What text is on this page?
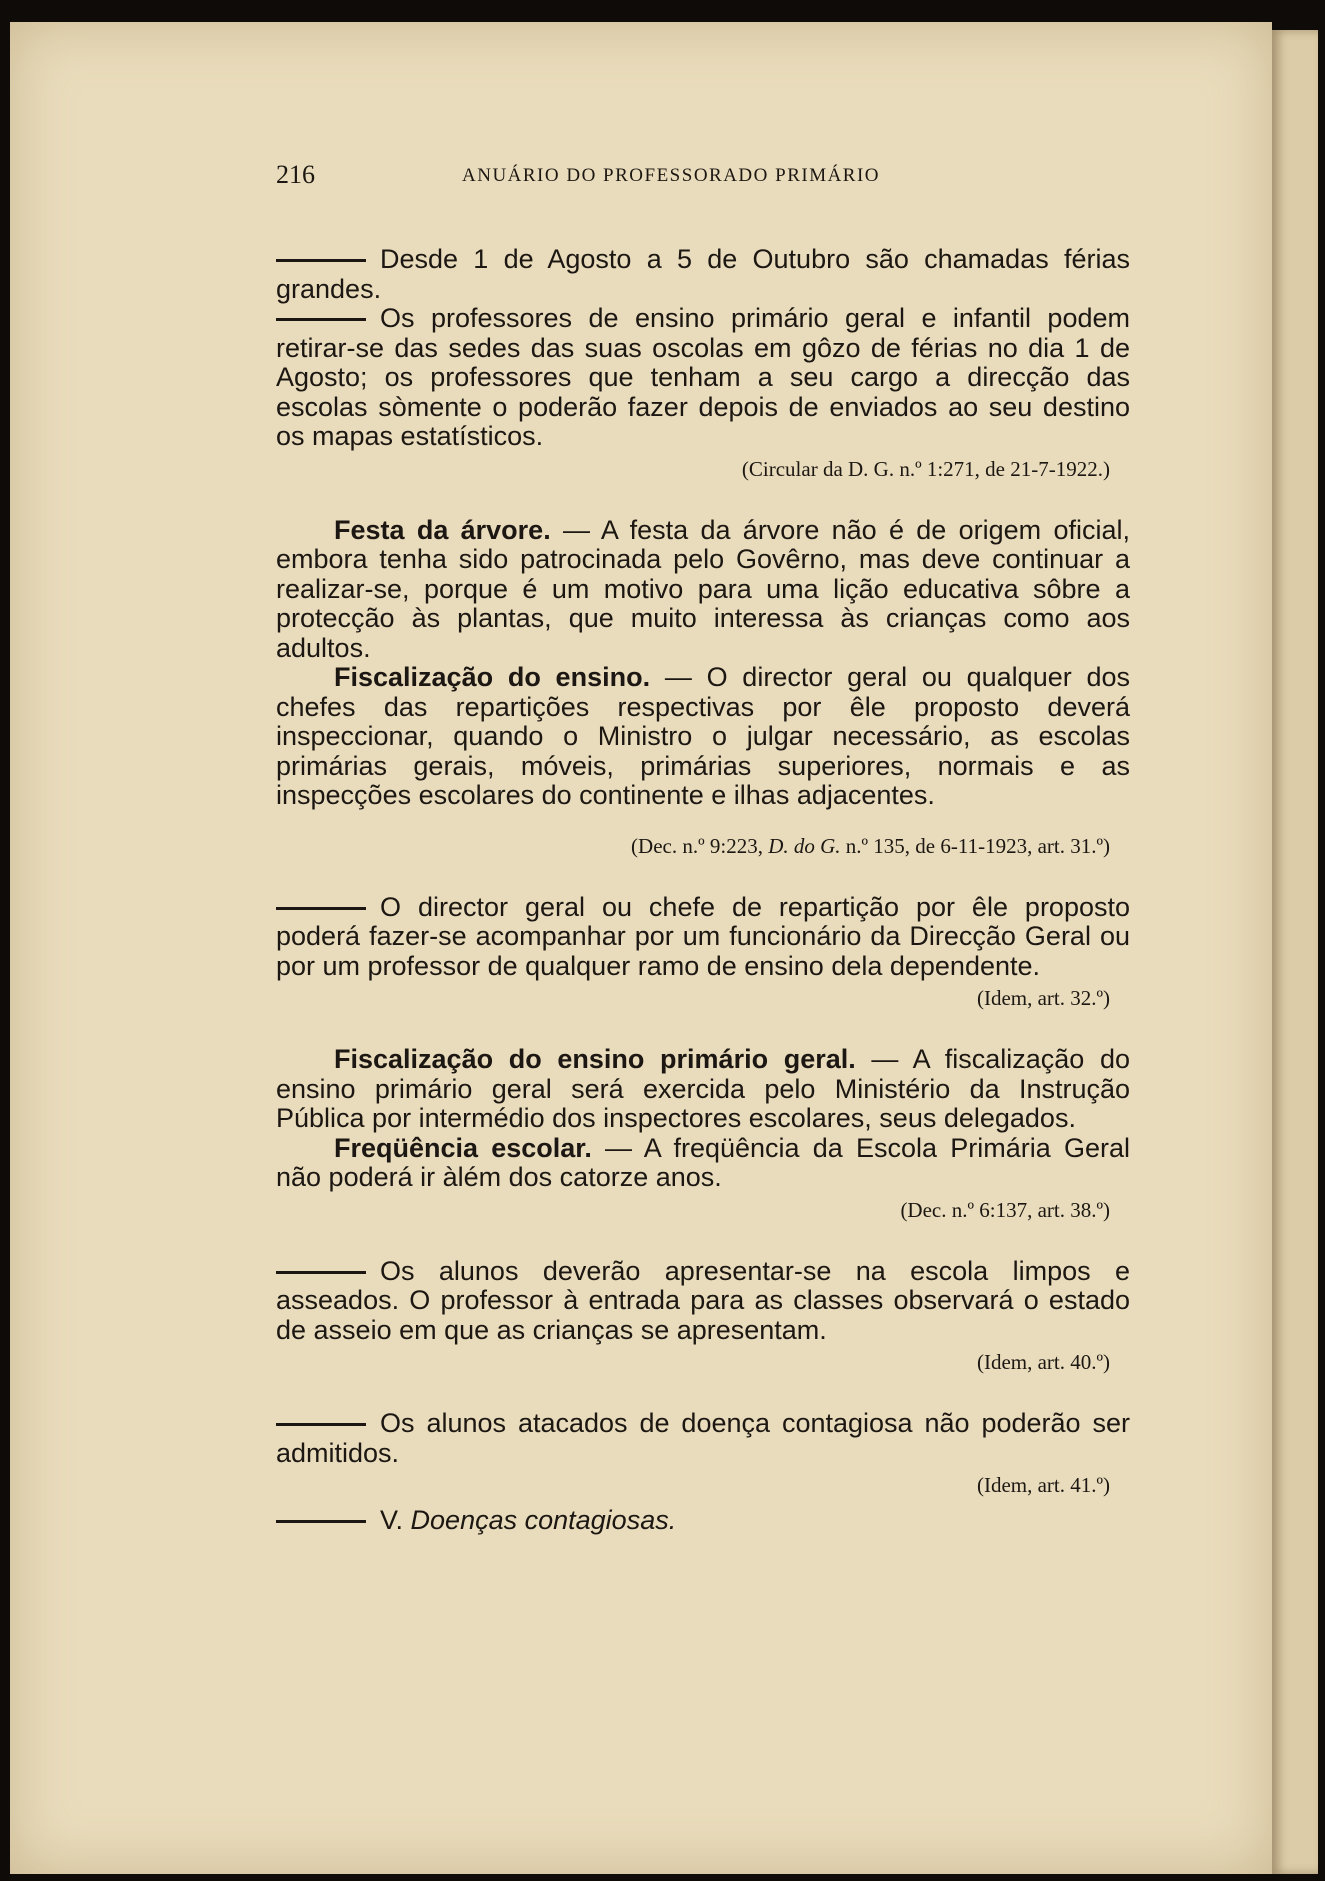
216	ANUÁRIO DO PROFESSORADO PRIMÁRIO

Desde 1 de Agosto a 5 de Outubro são chamadas férias grandes.

Os professores de ensino primário geral e infantil podem retirar-se das sedes das suas oscolas em gôzo de férias no dia 1 de Agosto; os professores que tenham a seu cargo a direcção das escolas sòmente o poderão fazer depois de enviados ao seu destino os mapas estatísticos.

(Circular da D. G. n.º 1:271, de 21-7-1922.)

Festa da árvore. — A festa da árvore não é de origem oficial, embora tenha sido patrocinada pelo Govêrno, mas deve continuar a realizar-se, porque é um motivo para uma lição educativa sôbre a protecção às plantas, que muito interessa às crianças como aos adultos.

Fiscalização do ensino. — O director geral ou qualquer dos chefes das repartições respectivas por êle proposto deverá inspeccionar, quando o Ministro o julgar necessário, as escolas primárias gerais, móveis, primárias superiores, normais e as inspecções escolares do continente e ilhas adjacentes.

(Dec. n.º 9:223, D. do G. n.º 135, de 6-11-1923, art. 31.º)

O director geral ou chefe de repartição por êle proposto poderá fazer-se acompanhar por um funcionário da Direcção Geral ou por um professor de qualquer ramo de ensino dela dependente.

(Idem, art. 32.º)

Fiscalização do ensino primário geral. — A fiscalização do ensino primário geral será exercida pelo Ministério da Instrução Pública por intermédio dos inspectores escolares, seus delegados.

Freqüência escolar. — A freqüência da Escola Primária Geral não poderá ir àlém dos catorze anos.

(Dec. n.º 6:137, art. 38.º)

Os alunos deverão apresentar-se na escola limpos e asseados. O professor à entrada para as classes observará o estado de asseio em que as crianças se apresentam.

(Idem, art. 40.º)

Os alunos atacados de doença contagiosa não poderão ser admitidos.

(Idem, art. 41.º)

V. Doenças contagiosas.
